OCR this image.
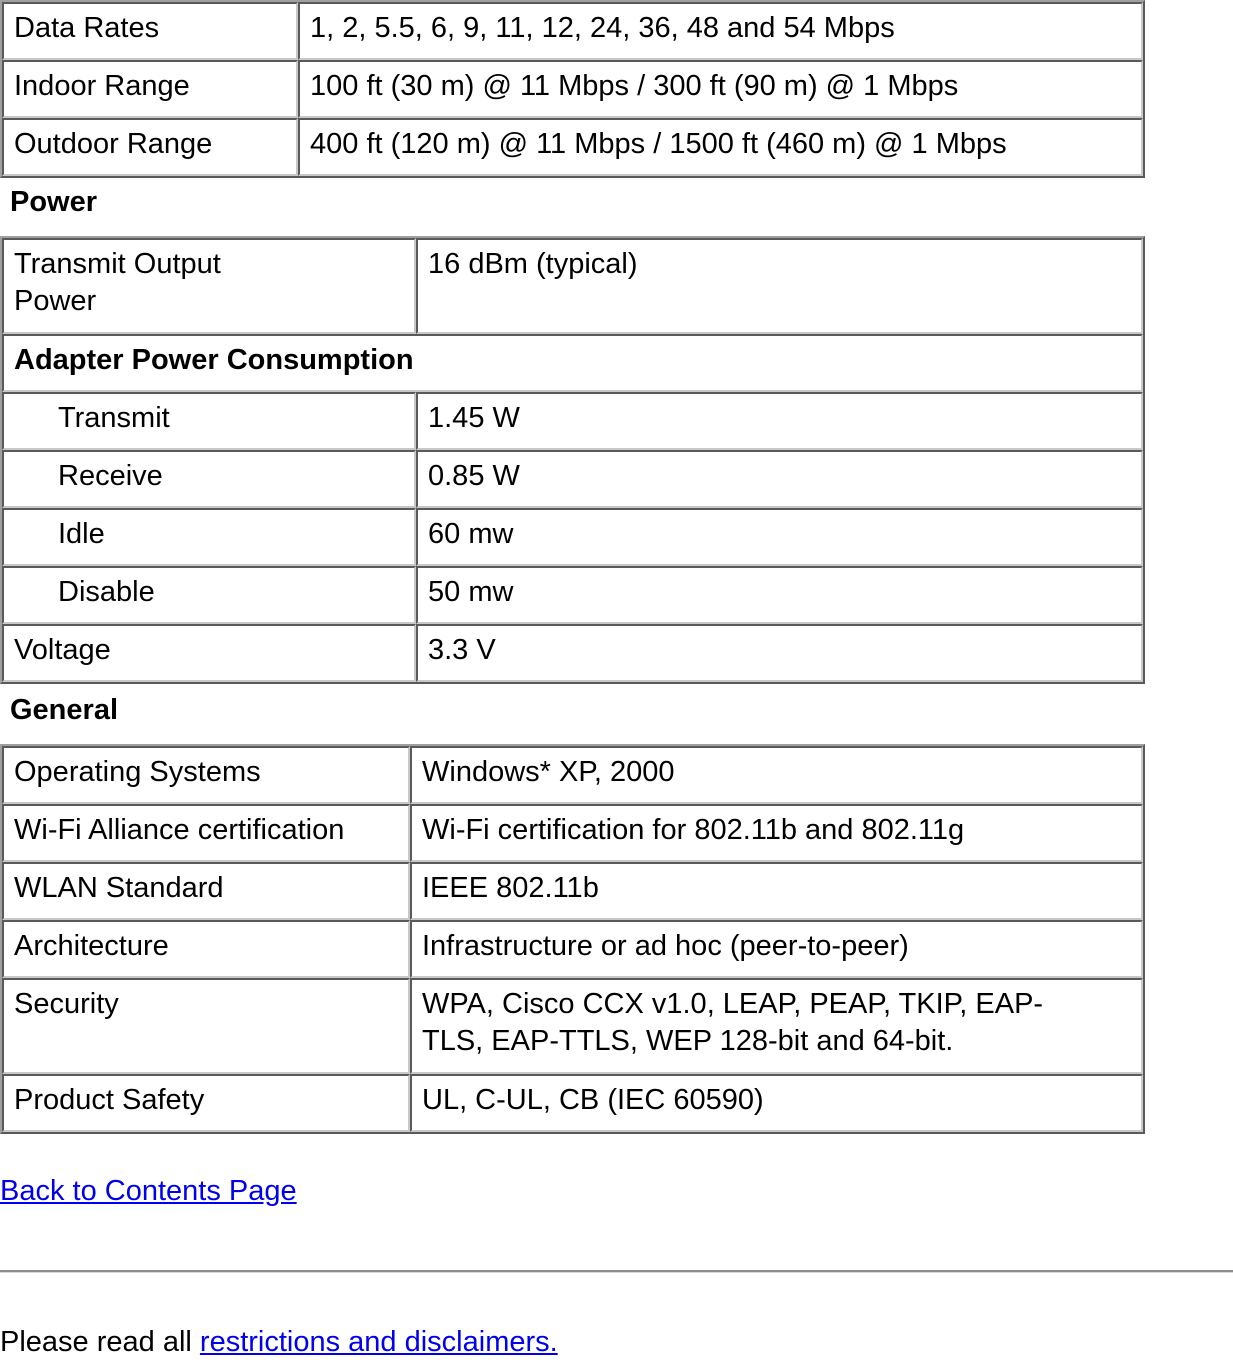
Data Rates	1, 2, 5.5, 6, 9, 11, 12, 24, 36, 48 and 54 Mbps
Indoor Range	100 ft (30 m) @ 11 Mbps / 300 ft (90 m) @ 1 Mbps
Outdoor Range	400 ft (120 m) @ 11 Mbps / 1500 ft (460 m) @ 1 Mbps
Power
Transmit Output
Power	16 dBm (typical)
Adapter Power Consumption	
Transmit	1.45 W
Receive	0.85 W
Idle	60 mw
Disable	50 mw
Voltage	3.3 V
General
Operating Systems	Windows* XP, 2000
Wi-Fi Alliance certification	Wi-Fi certification for 802.11b and 802.11g
WLAN Standard	IEEE 802.11b
Architecture	Infrastructure or ad hoc (peer-to-peer)
Security	WPA, Cisco CCX v1.0, LEAP, PEAP, TKIP, EAP-
TLS, EAP-TTLS, WEP 128-bit and 64-bit.
Product Safety	UL, C-UL, CB (IEC 60590)
Back to Contents Page
Please read all restrictions and disclaimers.
